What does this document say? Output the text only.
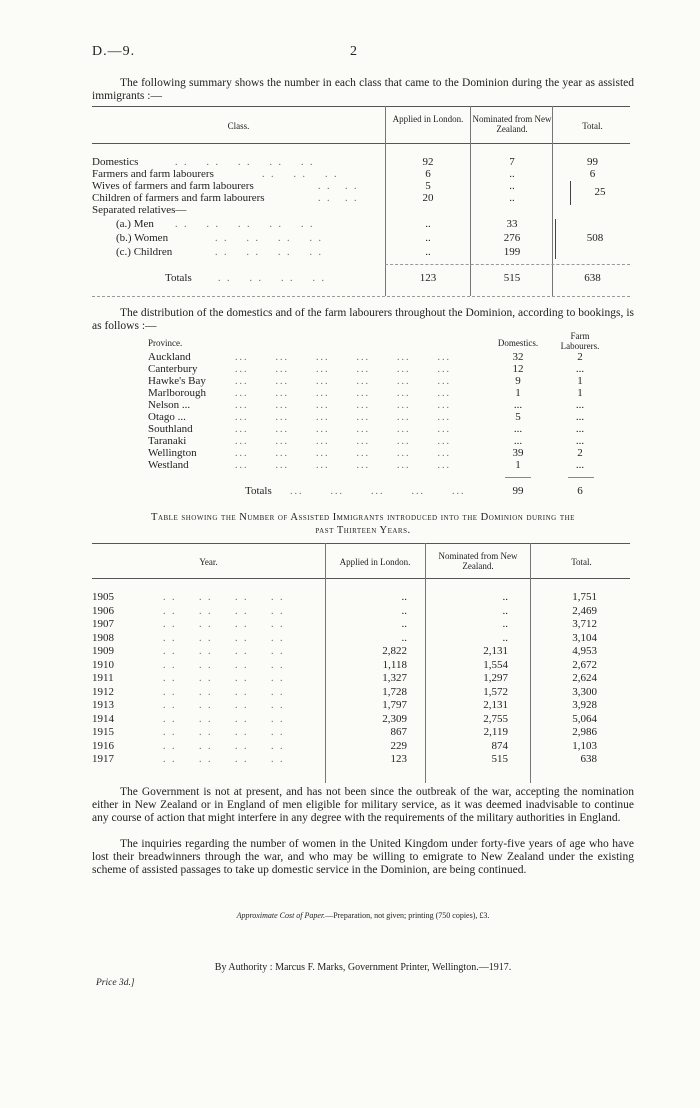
D.—9.	2

The following summary shows the number in each class that came to the Dominion during the year as assisted immigrants :—

Class.
Applied in London.	Nominated from New Zealand.	Total.
Domestics	. .    . .    . .    . .    . .	92	7	99
Farmers and farm labourers	. .    . .    . .	6	..	6
Wives of farmers and farm labourers	. .   . .	5	..
Children of farmers and farm labourers	. .   . .	20	..	25
Separated relatives—
(a.) Men . .    . .    . .    . .    . .	..	33
(b.) Women	. .    . .    . .    . .	..	276
(c.) Children	. .    . .    . .    . .	..	199
508
Totals	. .    . .    . .    . .	123	515	638

The distribution of the domestics and of the farm labourers throughout the Dominion, according to bookings, is as follows :—

Province.	Domestics.
Farm Labourers.
Auckland	...      ...      ...      ...      ...      ...	32	2
Canterbury	...      ...      ...      ...      ...      ...	12	...
Hawke's Bay	...      ...      ...      ...      ...      ...	9	1
Marlborough	...      ...      ...      ...      ...      ...	1	1
Nelson ...	...      ...      ...      ...      ...      ...	...	...
Otago ...	...      ...      ...      ...      ...      ...	5	...
Southland	...      ...      ...      ...      ...      ...	...	...
Taranaki	...      ...      ...      ...      ...      ...	...	...
Wellington	...      ...      ...      ...      ...      ...	39	2
Westland	...      ...      ...      ...      ...      ...	1	...
Totals ...      ...      ...      ...      ...	99	6
Table showing the Number of Assisted Immigrants introduced into the Dominion during the
past Thirteen Years.
Year.	Applied in London.
Nominated from New Zealand.	Total.
1905	. .     . .     . .     . .	..	..	1,751
1906	. .     . .     . .     . .	..	..	2,469
1907	. .     . .     . .     . .	..	..	3,712
1908	. .     . .     . .     . .	..	..	3,104
1909	. .     . .     . .     . .	2,822	2,131	4,953
1910	. .     . .     . .     . .	1,118	1,554	2,672
1911	. .     . .     . .     . .	1,327	1,297	2,624
1912	. .     . .     . .     . .	1,728	1,572	3,300
1913	. .     . .     . .     . .	1,797	2,131	3,928
1914	. .     . .     . .     . .	2,309	2,755	5,064
1915	. .     . .     . .     . .	867	2,119	2,986
1916	. .     . .     . .     . .	229	874	1,103
1917	. .     . .     . .     . .	123	515	638

The Government is not at present, and has not been since the outbreak of the war, accepting the nomination either in New Zealand or in England of men eligible for military service, as it was deemed inadvisable to continue any course of action that might interfere in any degree with the requirements of the military authorities in England.

The inquiries regarding the number of women in the United Kingdom under forty-five years of age who have lost their breadwinners through the war, and who may be willing to emigrate to New Zealand under the existing scheme of assisted passages to take up domestic service in the Dominion, are being continued.

Approximate Cost of Paper.—Preparation, not given; printing (750 copies), £3.
By Authority : Marcus F. Marks, Government Printer, Wellington.—1917.
Price 3d.]
